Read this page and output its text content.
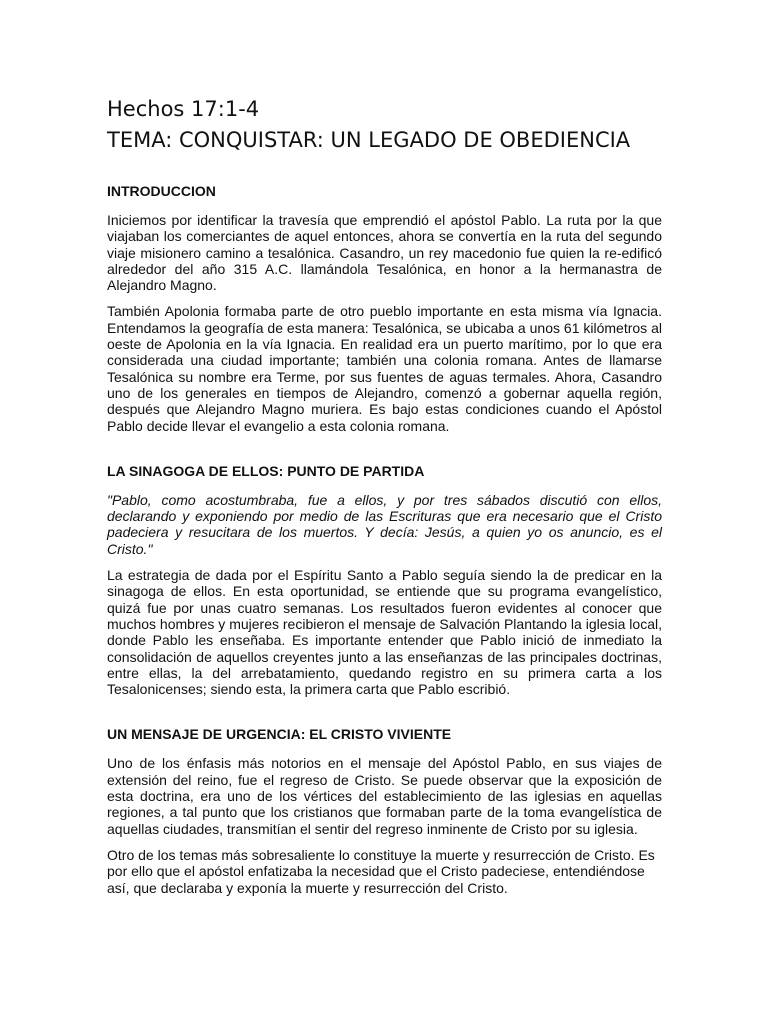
Hechos 17:1-4
TEMA: CONQUISTAR: UN LEGADO DE OBEDIENCIA
INTRODUCCION

Iniciemos por identificar la travesía que emprendió el apóstol Pablo. La ruta por la que viajaban los comerciantes de aquel entonces, ahora se convertía en la ruta del segundo viaje misionero camino a tesalónica. Casandro, un rey macedonio fue quien la re-edificó alrededor del año 315 A.C. llamándola Tesalónica, en honor a la hermanastra de Alejandro Magno.

También Apolonia formaba parte de otro pueblo importante en esta misma vía Ignacia. Entendamos la geografía de esta manera: Tesalónica, se ubicaba a unos 61 kilómetros al oeste de Apolonia en la vía Ignacia. En realidad era un puerto marítimo, por lo que era considerada una ciudad importante; también una colonia romana. Antes de llamarse Tesalónica su nombre era Terme, por sus fuentes de aguas termales. Ahora, Casandro uno de los generales en tiempos de Alejandro, comenzó a gobernar aquella región, después que Alejandro Magno muriera. Es bajo estas condiciones cuando el Apóstol Pablo decide llevar el evangelio a esta colonia romana.

LA SINAGOGA DE ELLOS: PUNTO DE PARTIDA

"Pablo, como acostumbraba, fue a ellos, y por tres sábados discutió con ellos, declarando y exponiendo por medio de las Escrituras que era necesario que el Cristo padeciera y resucitara de los muertos. Y decía: Jesús, a quien yo os anuncio, es el Cristo."

La estrategia de dada por el Espíritu Santo a Pablo seguía siendo la de predicar en la sinagoga de ellos. En esta oportunidad, se entiende que su programa evangelístico, quizá fue por unas cuatro semanas. Los resultados fueron evidentes al conocer que muchos hombres y mujeres recibieron el mensaje de Salvación Plantando la iglesia local, donde Pablo les enseñaba. Es importante entender que Pablo inició de inmediato la consolidación de aquellos creyentes junto a las enseñanzas de las principales doctrinas, entre ellas, la del arrebatamiento, quedando registro en su primera carta a los Tesalonicenses; siendo esta, la primera carta que Pablo escribió.

UN MENSAJE DE URGENCIA: EL CRISTO VIVIENTE

Uno de los énfasis más notorios en el mensaje del Apóstol Pablo, en sus viajes de extensión del reino, fue el regreso de Cristo. Se puede observar que la exposición de esta doctrina, era uno de los vértices del establecimiento de las iglesias en aquellas regiones, a tal punto que los cristianos que formaban parte de la toma evangelística de aquellas ciudades, transmitían el sentir del regreso inminente de Cristo por su iglesia.

Otro de los temas más sobresaliente lo constituye la muerte y resurrección de Cristo. Es por ello que el apóstol enfatizaba la necesidad que el Cristo padeciese, entendiéndose así, que declaraba y exponía la muerte y resurrección del Cristo.
